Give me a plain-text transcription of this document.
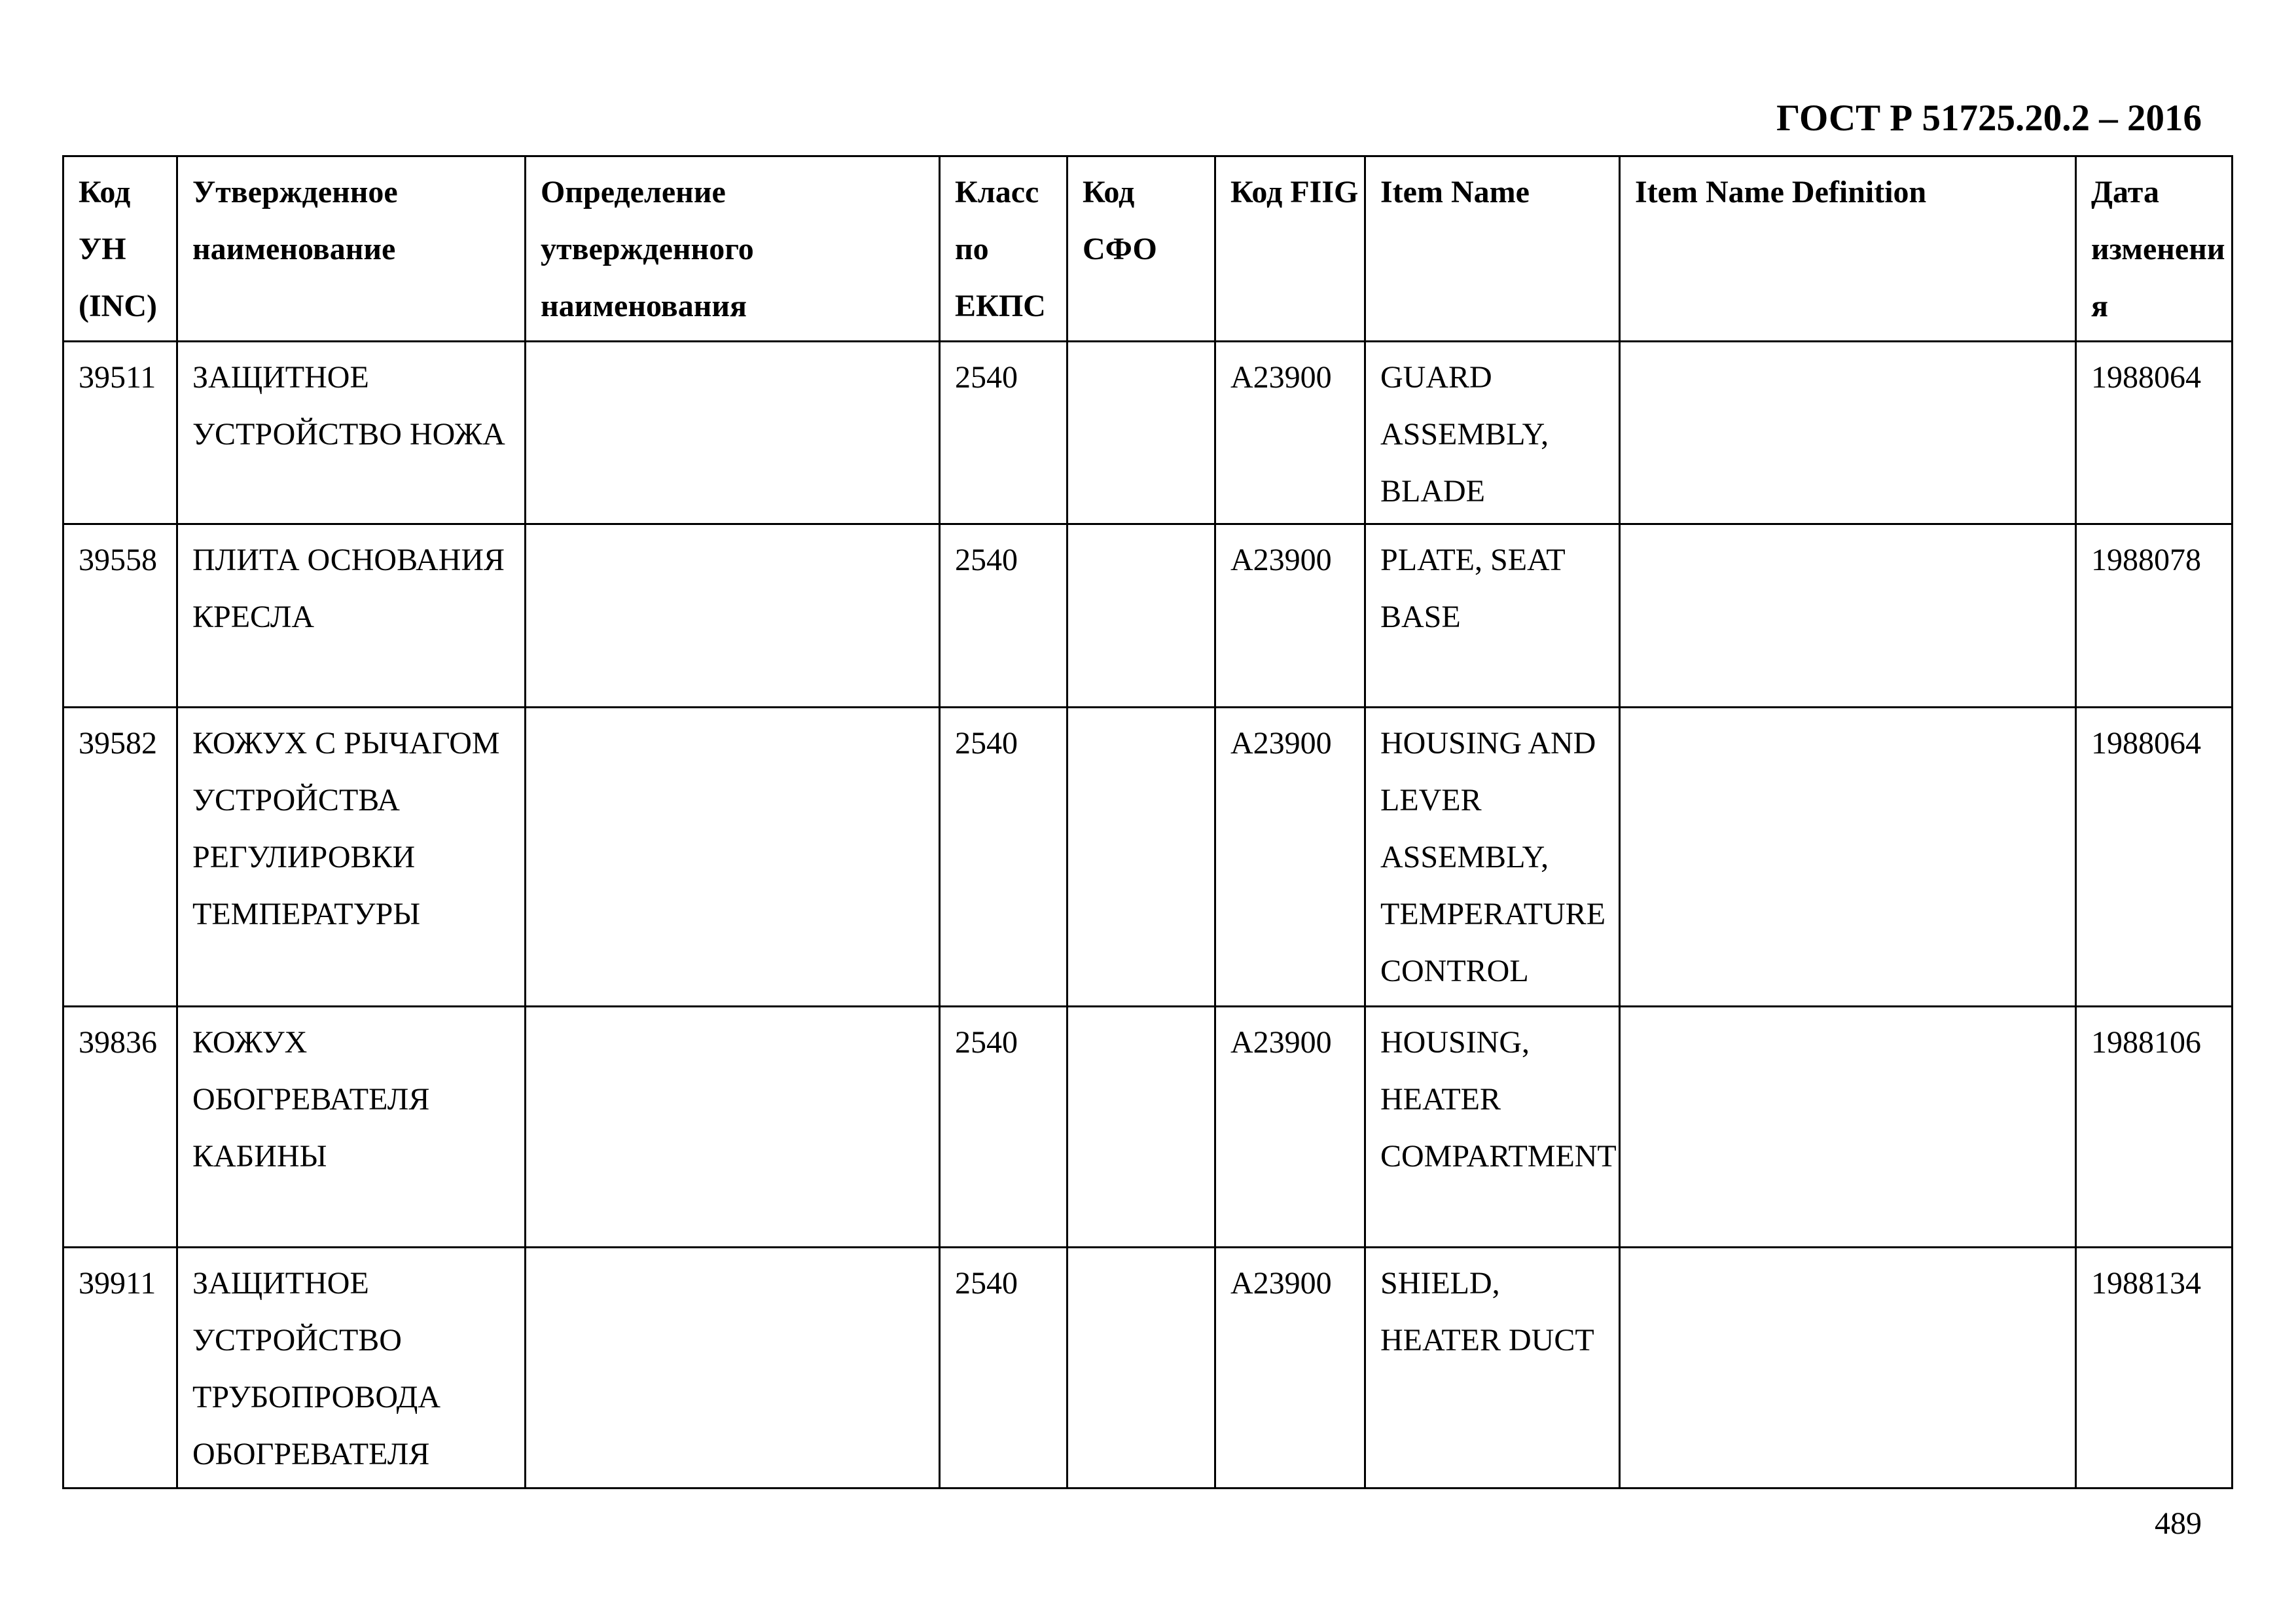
ГОСТ Р 51725.20.2 – 2016
Код УН (INC)	Утвержденное наименование	Определение утвержденного наименования	Класс по ЕКПС	Код СФО	Код FIIG	Item Name	Item Name Definition	Дата изменения
39511	ЗАЩИТНОЕ УСТРОЙСТВО НОЖА		2540		A23900	GUARD ASSEMBLY, BLADE		1988064
39558	ПЛИТА ОСНОВАНИЯ КРЕСЛА		2540		A23900	PLATE, SEAT BASE		1988078
39582	КОЖУХ С РЫЧАГОМ УСТРОЙСТВА РЕГУЛИРОВКИ ТЕМПЕРАТУРЫ		2540		A23900	HOUSING AND LEVER ASSEMBLY, TEMPERATURE CONTROL		1988064
39836	КОЖУХ ОБОГРЕВАТЕЛЯ КАБИНЫ		2540		A23900	HOUSING, HEATER COMPARTMENT		1988106
39911	ЗАЩИТНОЕ УСТРОЙСТВО ТРУБОПРОВОДА ОБОГРЕВАТЕЛЯ		2540		A23900	SHIELD, HEATER DUCT		1988134
489
